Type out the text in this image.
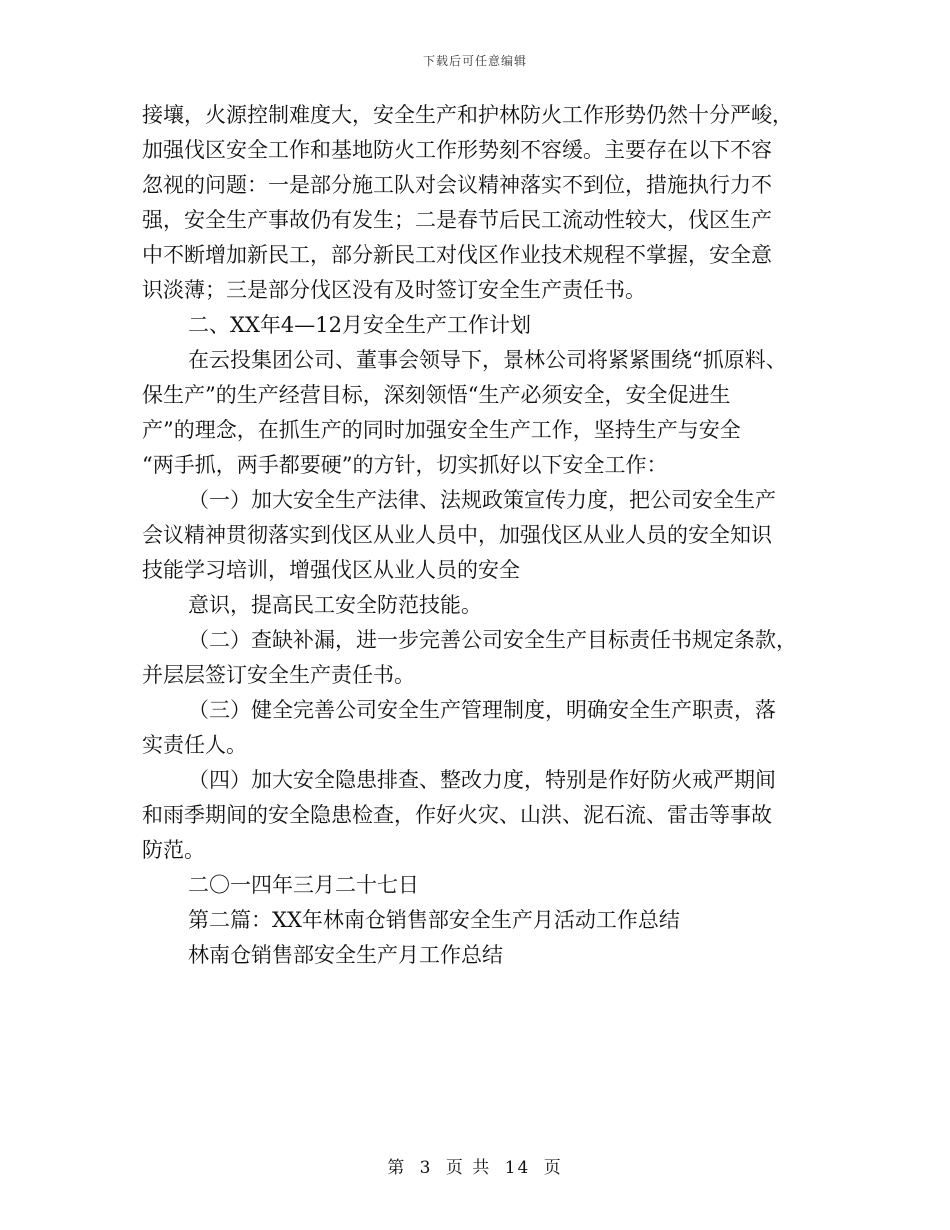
下载后可任意编辑

接壤，火源控制难度大，安全生产和护林防火工作形势仍然十分严峻，

加强伐区安全工作和基地防火工作形势刻不容缓。主要存在以下不容

忽视的问题：一是部分施工队对会议精神落实不到位，措施执行力不

强，安全生产事故仍有发生；二是春节后民工流动性较大，伐区生产

中不断增加新民工，部分新民工对伐区作业技术规程不掌握，安全意

识淡薄；三是部分伐区没有及时签订安全生产责任书。

二、XX年4—12月安全生产工作计划

在云投集团公司、董事会领导下，景林公司将紧紧围绕“抓原料、

保生产”的生产经营目标，深刻领悟“生产必须安全，安全促进生

产”的理念，在抓生产的同时加强安全生产工作，坚持生产与安全

“两手抓，两手都要硬”的方针，切实抓好以下安全工作：

（一）加大安全生产法律、法规政策宣传力度，把公司安全生产

会议精神贯彻落实到伐区从业人员中，加强伐区从业人员的安全知识

技能学习培训，增强伐区从业人员的安全

意识，提高民工安全防范技能。

（二）查缺补漏，进一步完善公司安全生产目标责任书规定条款，

并层层签订安全生产责任书。

（三）健全完善公司安全生产管理制度，明确安全生产职责，落

实责任人。

（四）加大安全隐患排查、整改力度，特别是作好防火戒严期间

和雨季期间的安全隐患检查，作好火灾、山洪、泥石流、雷击等事故

防范。

二〇一四年三月二十七日

第二篇：XX年林南仓销售部安全生产月活动工作总结

林南仓销售部安全生产月工作总结

第 3 页 共 14 页
